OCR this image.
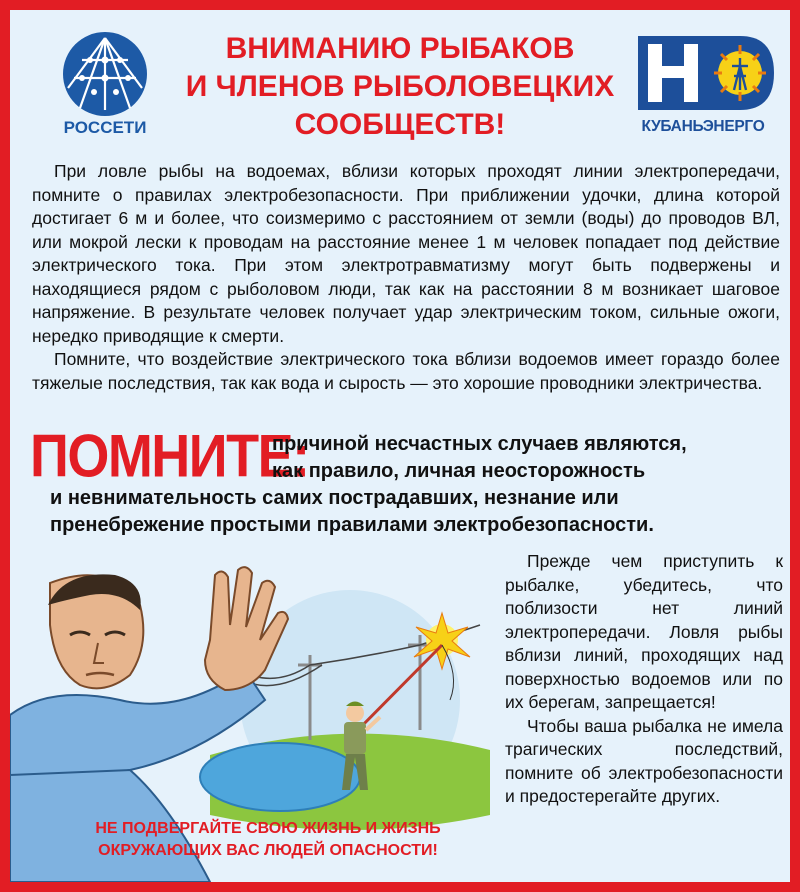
РОССЕТИ
ВНИМАНИЮ РЫБАКОВ
И ЧЛЕНОВ РЫБОЛОВЕЦКИХ
СООБЩЕСТВ!	КУБАНЬЭНЕРГО

При ловле рыбы на водоемах, вблизи которых проходят линии электропередачи, помните о правилах электробезопасности. При приближении удочки, длина которой достигает 6 м и более, что соизмеримо с расстоянием от земли (воды) до проводов ВЛ, или мокрой лески к проводам на расстояние менее 1 м человек попадает под действие электрического тока. При этом электротравматизму могут быть подвержены и находящиеся рядом с рыболовом люди, так как на расстоянии 8 м возникает шаговое напряжение. В результате человек получает удар электрическим током, сильные ожоги, нередко приводящие к смерти.

Помните, что воздействие электрического тока вблизи водоемов имеет гораздо более тяжелые последствия, так как вода и сырость — это хорошие проводники электричества.

ПОМНИТЕ:
причиной несчастных случаев являются,
как правило, личная неосторожность
и невнимательность самих пострадавших, незнание или
пренебрежение простыми правилами электробезопасности.

Прежде чем приступить к рыбалке, убедитесь, что поблизости нет линий электропередачи. Ловля рыбы вблизи линий, проходящих над поверхностью водоемов или по их берегам, запрещается!

Чтобы ваша рыбалка не имела трагических последствий, помните об электробезопасности и предостерегайте других.

НЕ ПОДВЕРГАЙТЕ СВОЮ ЖИЗНЬ И ЖИЗНЬ
ОКРУЖАЮЩИХ ВАС ЛЮДЕЙ ОПАСНОСТИ!
